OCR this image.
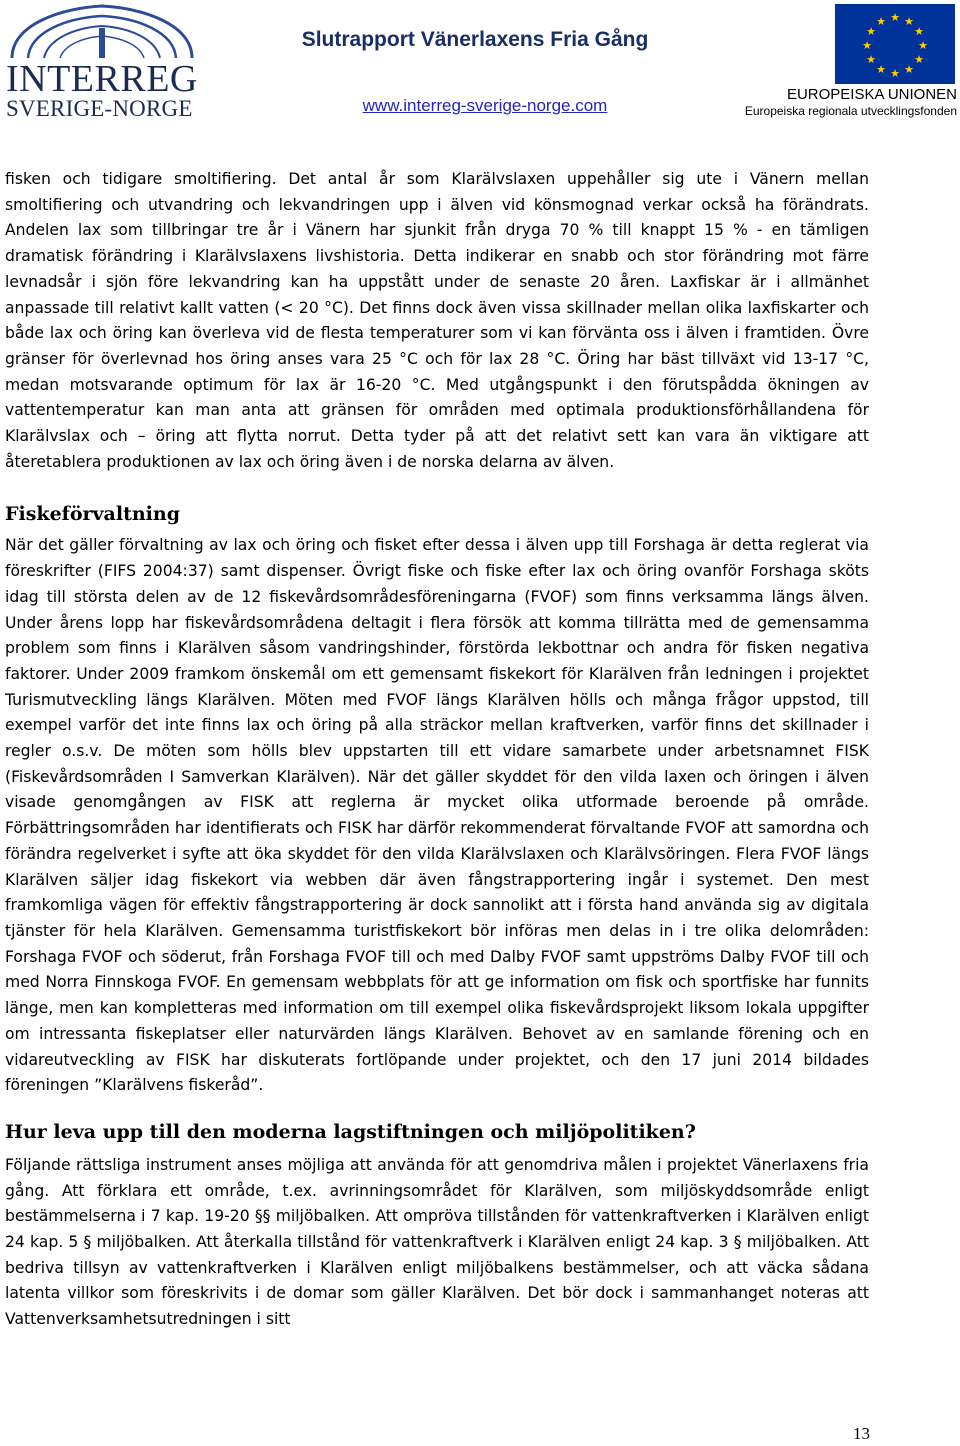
INTERREG
SVERIGE-NORGE
Slutrapport Vänerlaxens Fria Gång
www.interreg-sverige-norge.com
★ ★
★
★
★
★
★
★
★
★
★
★
EUROPEISKA UNIONEN
Europeiska regionala utvecklingsfonden

fisken och tidigare smoltifiering. Det antal år som Klarälvslaxen uppehåller sig ute i Vänern mellan smoltifiering och utvandring och lekvandringen upp i älven vid könsmognad verkar också ha förändrats. Andelen lax som tillbringar tre år i Vänern har sjunkit från dryga 70 % till knappt 15 % - en tämligen dramatisk förändring i Klarälvslaxens livshistoria. Detta indikerar en snabb och stor förändring mot färre levnadsår i sjön före lekvandring kan ha uppstått under de senaste 20 åren. Laxfiskar är i allmänhet anpassade till relativt kallt vatten (< 20 °C). Det finns dock även vissa skillnader mellan olika laxfiskarter och både lax och öring kan överleva vid de flesta temperaturer som vi kan förvänta oss i älven i framtiden. Övre gränser för överlevnad hos öring anses vara 25 °C och för lax 28 °C. Öring har bäst tillväxt vid 13-17 °C, medan motsvarande optimum för lax är 16-20 °C. Med utgångspunkt i den förutspådda ökningen av vattentemperatur kan man anta att gränsen för områden med optimala produktionsförhållandena för Klarälvslax och – öring att flytta norrut. Detta tyder på att det relativt sett kan vara än viktigare att återetablera produktionen av lax och öring även i de norska delarna av älven.

Fiskeförvaltning

När det gäller förvaltning av lax och öring och fisket efter dessa i älven upp till Forshaga är detta reglerat via föreskrifter (FIFS 2004:37) samt dispenser. Övrigt fiske och fiske efter lax och öring ovanför Forshaga sköts idag till största delen av de 12 fiskevårdsområdesföreningarna (FVOF) som finns verksamma längs älven. Under årens lopp har fiskevårdsområdena deltagit i flera försök att komma tillrätta med de gemensamma problem som finns i Klarälven såsom vandringshinder, förstörda lekbottnar och andra för fisken negativa faktorer. Under 2009 framkom önskemål om ett gemensamt fiskekort för Klarälven från ledningen i projektet Turismutveckling längs Klarälven. Möten med FVOF längs Klarälven hölls och många frågor uppstod, till exempel varför det inte finns lax och öring på alla sträckor mellan kraftverken, varför finns det skillnader i regler o.s.v. De möten som hölls blev uppstarten till ett vidare samarbete under arbetsnamnet FISK (Fiskevårdsområden I Samverkan Klarälven). När det gäller skyddet för den vilda laxen och öringen i älven visade genomgången av FISK att reglerna är mycket olika utformade beroende på område. Förbättringsområden har identifierats och FISK har därför rekommenderat förvaltande FVOF att samordna och förändra regelverket i syfte att öka skyddet för den vilda Klarälvslaxen och Klarälvsöringen. Flera FVOF längs Klarälven säljer idag fiskekort via webben där även fångstrapportering ingår i systemet. Den mest framkomliga vägen för effektiv fångstrapportering är dock sannolikt att i första hand använda sig av digitala tjänster för hela Klarälven. Gemensamma turistfiskekort bör införas men delas in i tre olika delområden: Forshaga FVOF och söderut, från Forshaga FVOF till och med Dalby FVOF samt uppströms Dalby FVOF till och med Norra Finnskoga FVOF. En gemensam webbplats för att ge information om fisk och sportfiske har funnits länge, men kan kompletteras med information om till exempel olika fiskevårdsprojekt liksom lokala uppgifter om intressanta fiskeplatser eller naturvärden längs Klarälven. Behovet av en samlande förening och en vidareutveckling av FISK har diskuterats fortlöpande under projektet, och den 17 juni 2014 bildades föreningen ”Klarälvens fiskeråd”.

Hur leva upp till den moderna lagstiftningen och miljöpolitiken?

Följande rättsliga instrument anses möjliga att använda för att genomdriva målen i projektet Vänerlaxens fria gång. Att förklara ett område, t.ex. avrinningsområdet för Klarälven, som miljöskyddsområde enligt bestämmelserna i 7 kap. 19-20 §§ miljöbalken. Att ompröva tillstånden för vattenkraftverken i Klarälven enligt 24 kap. 5 § miljöbalken. Att återkalla tillstånd för vattenkraftverk i Klarälven enligt 24 kap. 3 § miljöbalken. Att bedriva tillsyn av vattenkraftverken i Klarälven enligt miljöbalkens bestämmelser, och att väcka sådana latenta villkor som föreskrivits i de domar som gäller Klarälven. Det bör dock i sammanhanget noteras att Vattenverksamhetsutredningen i sitt

13
